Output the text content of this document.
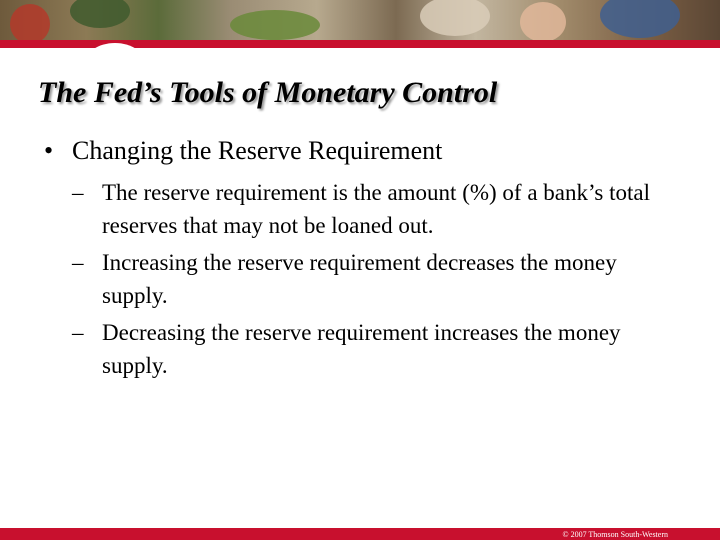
The Fed’s Tools of Monetary Control
• Changing the Reserve Requirement
– The reserve requirement is the amount (%) of a bank’s total reserves that may not be loaned out.
– Increasing the reserve requirement decreases the money supply.
– Decreasing the reserve requirement increases the money supply.
© 2007 Thomson South-Western
